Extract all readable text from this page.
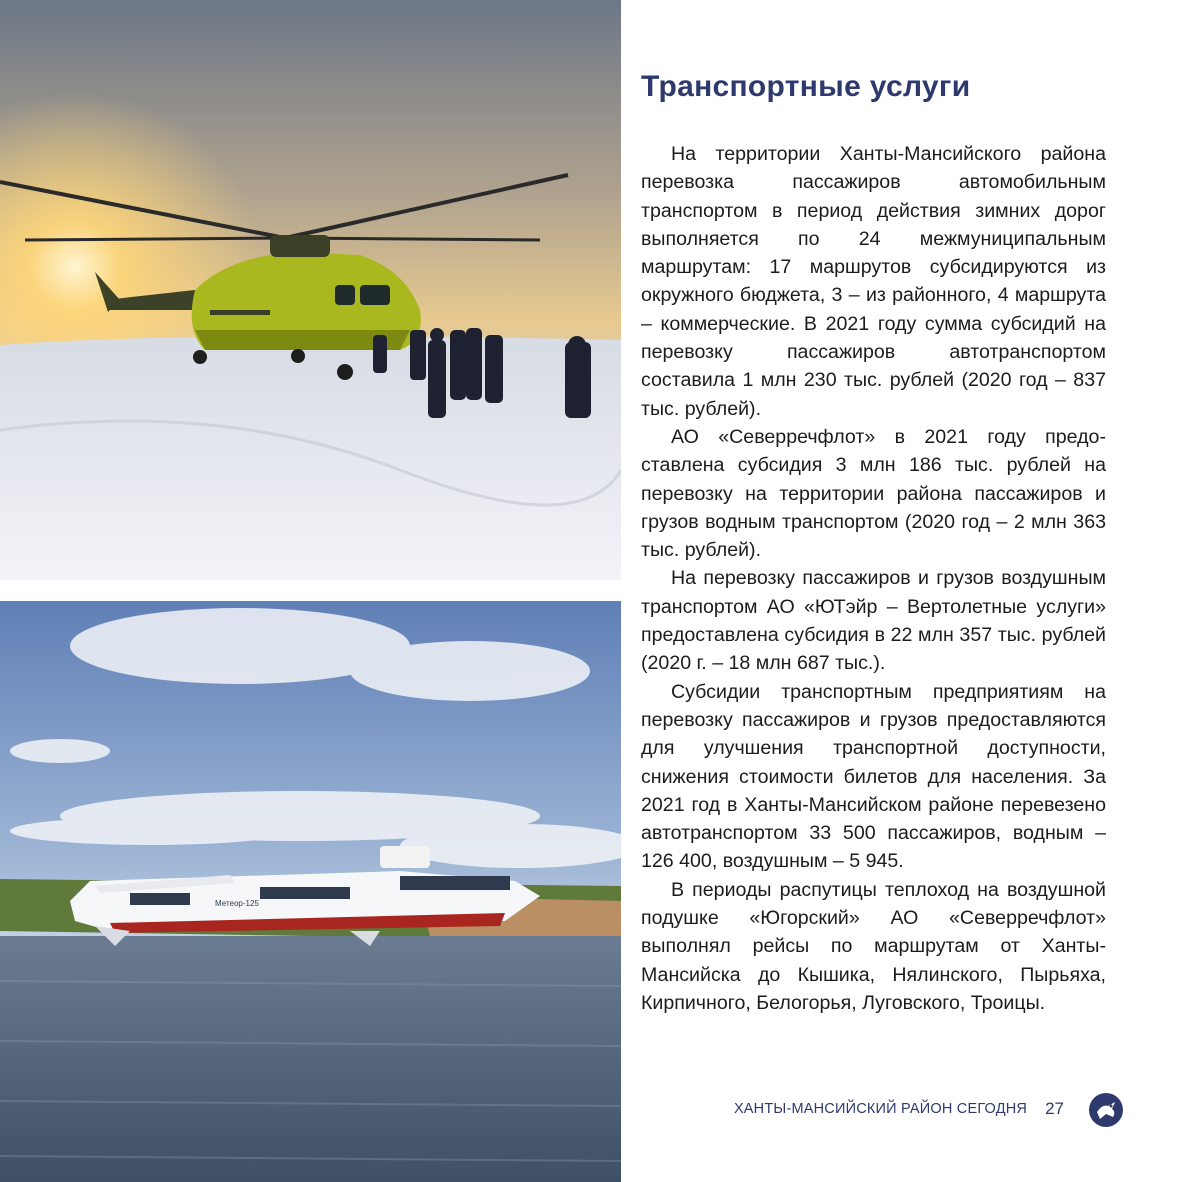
Метеор-125
Транспортные услуги

На территории Ханты-Мансийского района перевозка пассажиров автомобильным транспортом в период действия зимних дорог выполняется по 24 межмуниципальным маршрутам: 17 маршрутов субсидируются из окружного бюджета, 3 – из районного, 4 маршрута – коммерческие. В 2021 году сумма субсидий на перевозку пассажиров автотранспортом составила 1 млн 230 тыс. рублей (2020 год – 837 тыс. рублей).

АО «Северречфлот» в 2021 году предоставлена субсидия 3 млн 186 тыс. рублей на перевозку на территории района пассажиров и грузов водным транспортом (2020 год – 2 млн 363 тыс. рублей).

На перевозку пассажиров и грузов воздушным транспортом АО «ЮТэйр – Вертолетные услуги» предоставлена субсидия в 22 млн 357 тыс. рублей (2020 г. – 18 млн 687 тыс.).

Субсидии транспортным предприятиям на перевозку пассажиров и грузов предоставляются для улучшения транспортной доступности, снижения стоимости билетов для населения. За 2021 год в Ханты-Мансийском районе перевезено автотранспортом 33 500 пассажиров, водным – 126 400, воздушным – 5 945.

В периоды распутицы теплоход на воздушной подушке «Югорский» АО «Северречфлот» выполнял рейсы по маршрутам от Ханты-Мансийска до Кышика, Нялинского, Пырьяха, Кирпичного, Белогорья, Луговского, Троицы.

ХАНТЫ-МАНСИЙСКИЙ РАЙОН СЕГОДНЯ 27
